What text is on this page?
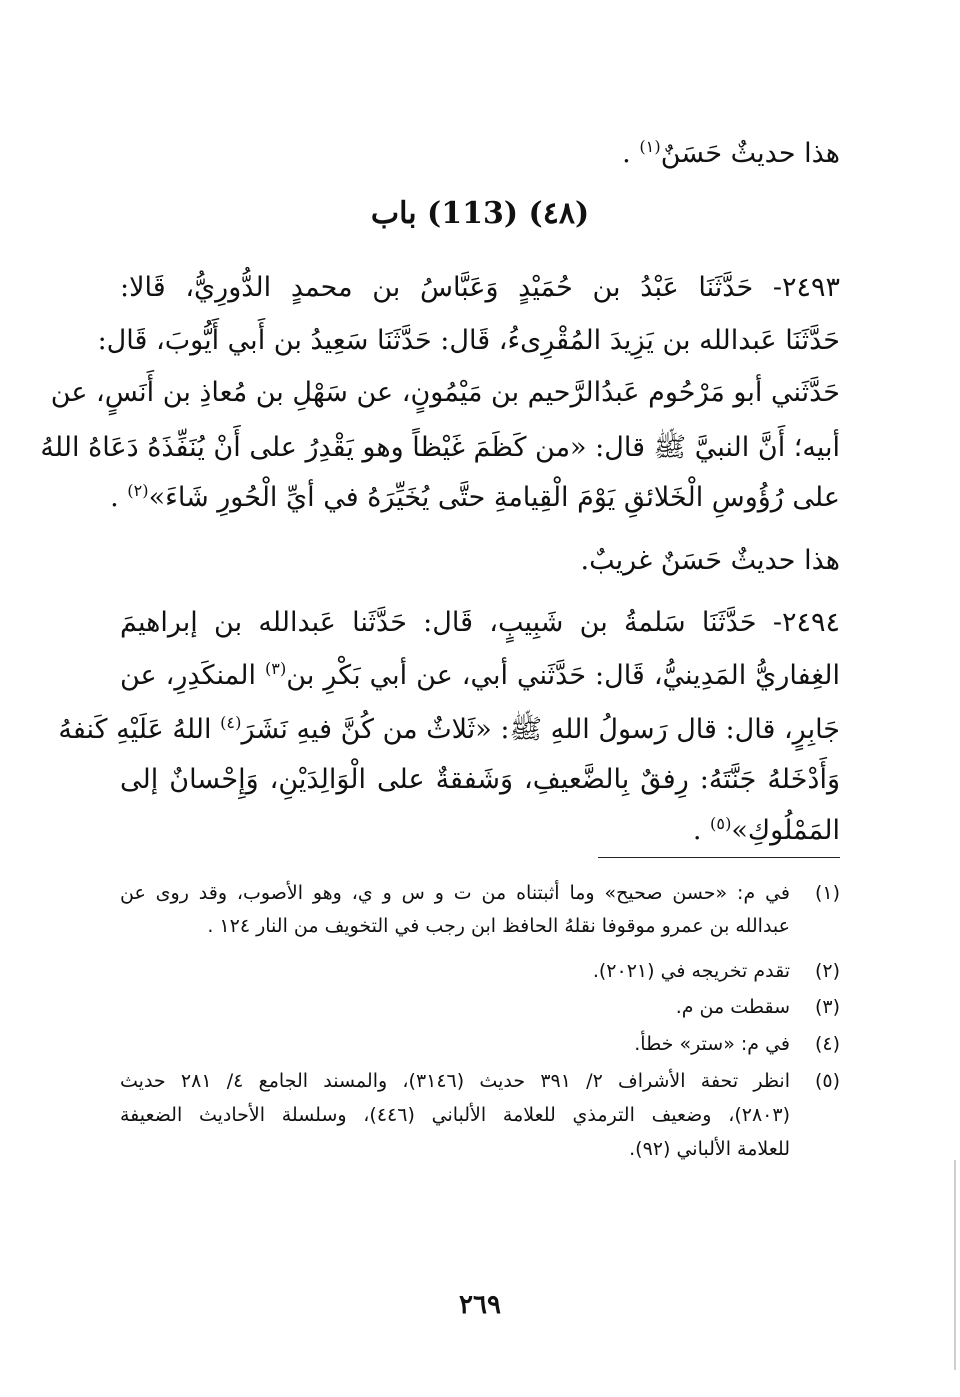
هذا حديثٌ حَسَنٌ$^{(١)}$ .
(٤٨) (113) باب
٢٤٩٣- حَدَّثَنَا عَبْدُ بن حُمَيْدٍ وَعَبَّاسُ بن محمدٍ الدُّورِيُّ، قَالا:
حَدَّثَنَا عَبدالله بن يَزِيدَ المُقْرِىءُ، قَال: حَدَّثَنَا سَعِيدُ بن أَبي أَيُّوبَ، قَال:
حَدَّثَني أبو مَرْحُوم عَبدُالرَّحيم بن مَيْمُونٍ، عن سَهْلِ بن مُعاذِ بن أَنَسٍ، عن
أبيه؛ أَنَّ النبيَّ ﷺ قال: «من كَظَمَ غَيْظاً وهو يَقْدِرُ على أَنْ يُنَفِّذَهُ دَعَاهُ اللهُ
على رُؤُوسِ الْخَلائقِ يَوْمَ الْقِيامةِ حتَّى يُخَيِّرَهُ في أيِّ الْحُورِ شَاءَ»$^{(٢)}$ .
هذا حديثٌ حَسَنٌ غريبٌ.
٢٤٩٤- حَدَّثَنَا سَلمةُ بن شَبِيبٍ، قَال: حَدَّثَنا عَبدالله بن إبراهيمَ
الغِفاريُّ المَدِينيُّ، قَال: حَدَّثَني أبي، عن أبي بَكْرِ بن$^{(٣)}$ المنكَدِرِ، عن
جَابِرٍ، قال: قال رَسولُ اللهِ ﷺ: «ثَلاثٌ من كُنَّ فيهِ نَشَرَ$^{(٤)}$ اللهُ عَلَيْهِ كَنفهُ
وَأَدْخَلهُ جَنَّتَهُ: رِفقٌ بِالضَّعيفِ، وَشَفقةٌ على الْوَالِدَيْنِ، وَإِحْسانٌ إلى
المَمْلُوكِ»$^{(٥)}$ .
(١)
في م: «حسن صحيح» وما أثبتناه من ت و س و ي، وهو الأصوب، وقد روى عن
عبدالله بن عمرو موقوفا نقلهُ الحافظ ابن رجب في التخويف من النار ١٢٤ .
(٢)
تقدم تخريجه في (٢٠٢١).
(٣)
سقطت من م.
(٤)
في م: «ستر» خطأ.
(٥)
انظر تحفة الأشراف ٢/ ٣٩١ حديث (٣١٤٦)، والمسند الجامع ٤/ ٢٨١ حديث
(٢٨٠٣)، وضعيف الترمذي للعلامة الألباني (٤٤٦)، وسلسلة الأحاديث الضعيفة
للعلامة الألباني (٩٢).
٢٦٩
